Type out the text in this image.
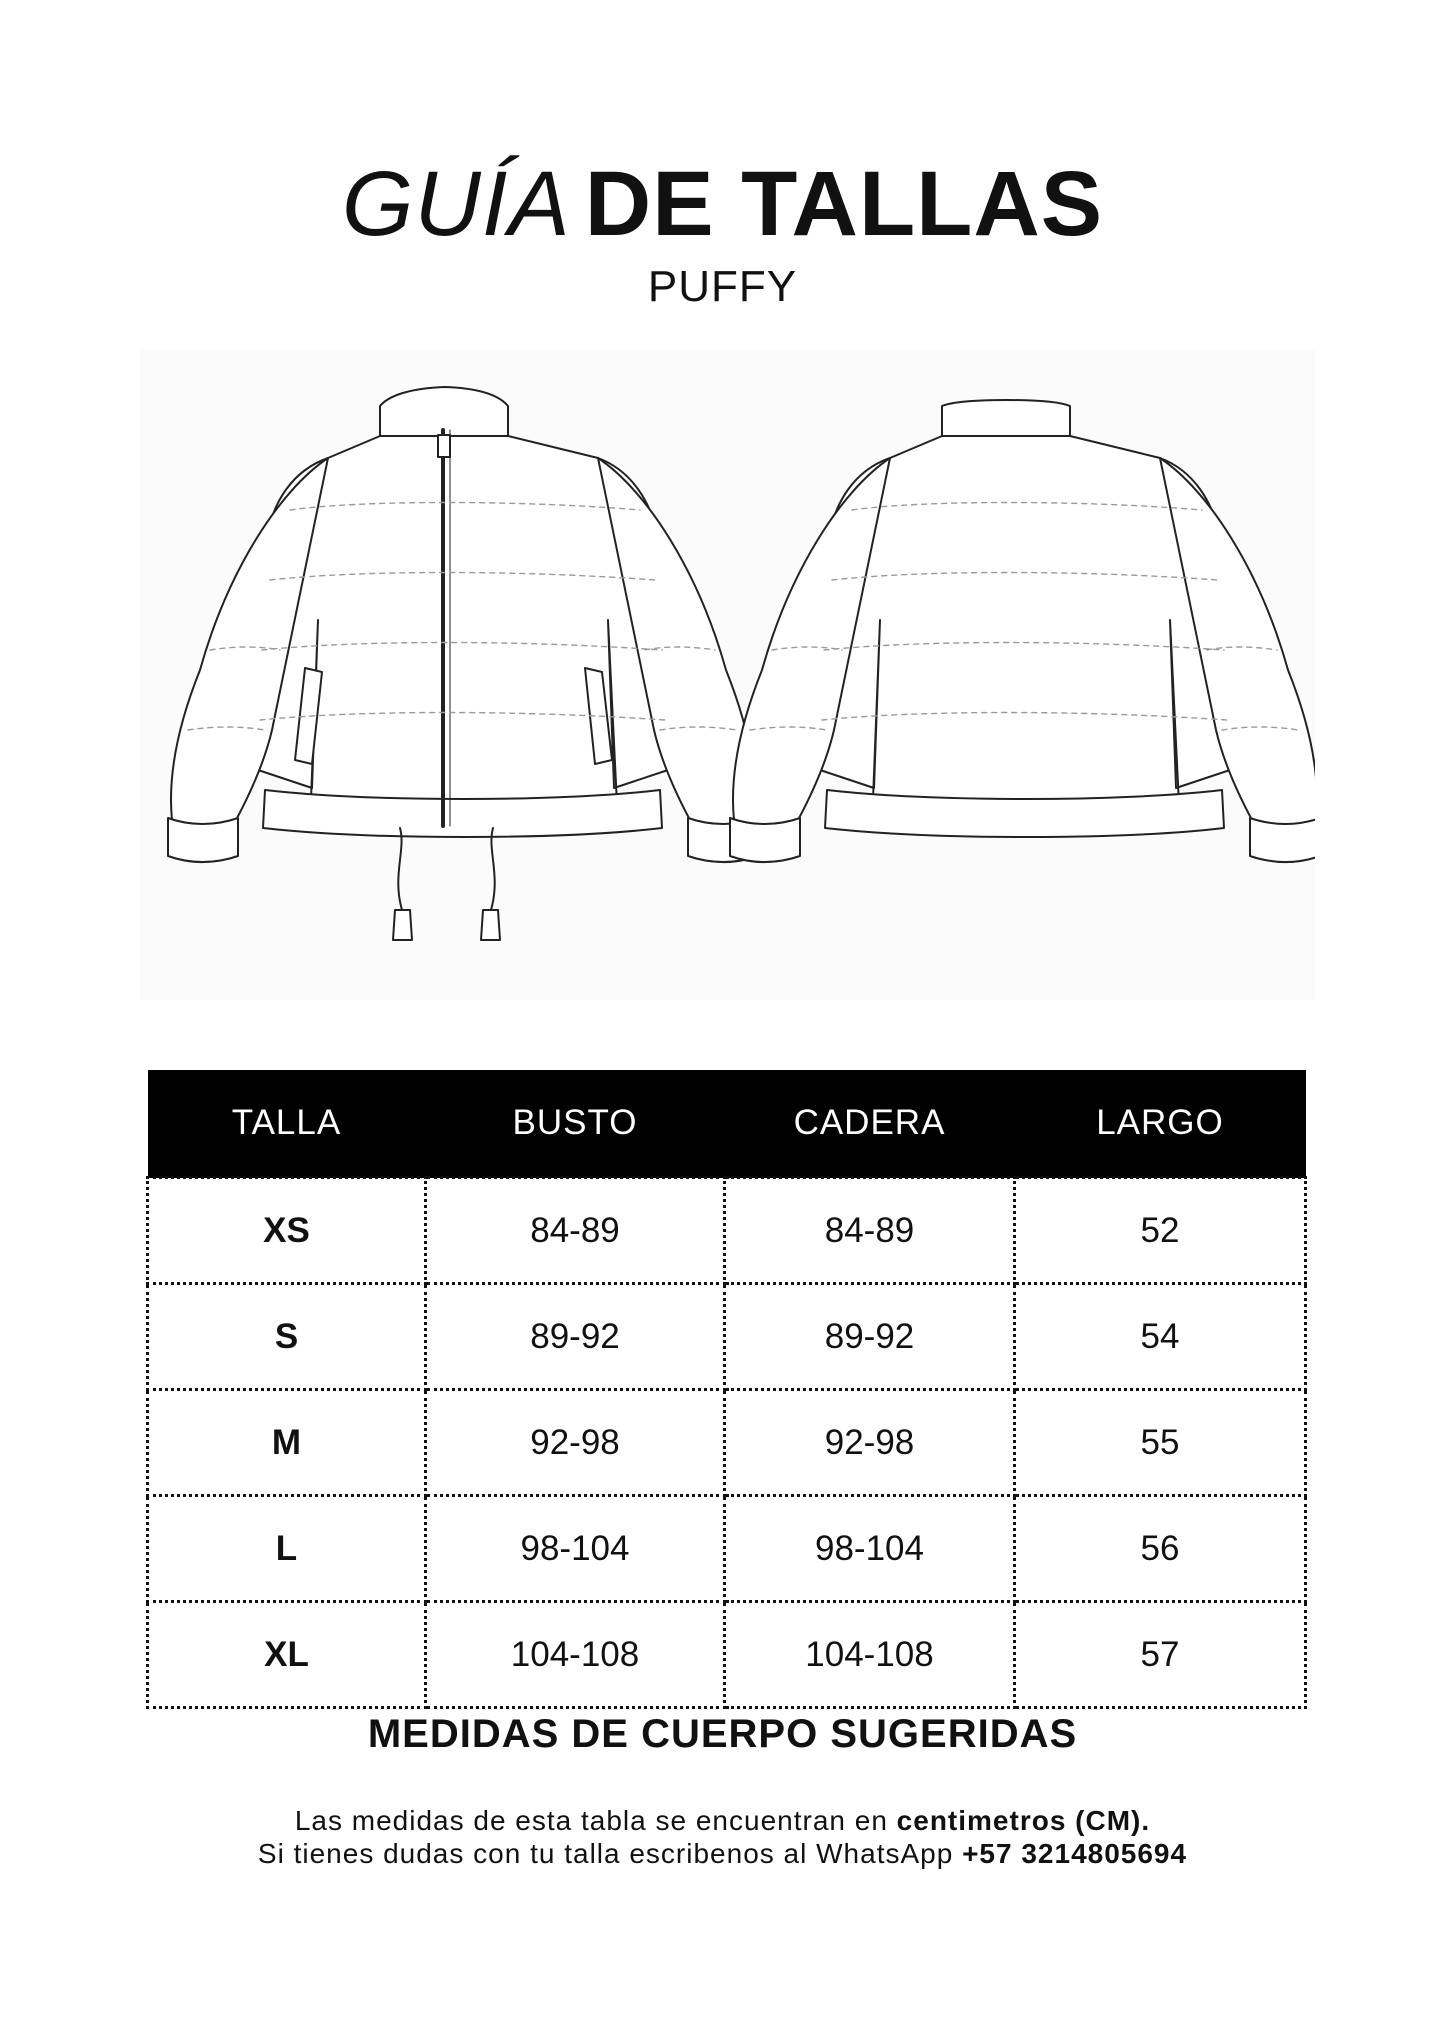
GUÍA DE TALLAS
PUFFY
TALLA	BUSTO	CADERA	LARGO
XS	84-89	84-89	52
S	89-92	89-92	54
M	92-98	92-98	55
L	98-104	98-104	56
XL	104-108	104-108	57
MEDIDAS DE CUERPO SUGERIDAS
Las medidas de esta tabla se encuentran en centimetros (CM).
Si tienes dudas con tu talla escribenos al WhatsApp +57 3214805694
